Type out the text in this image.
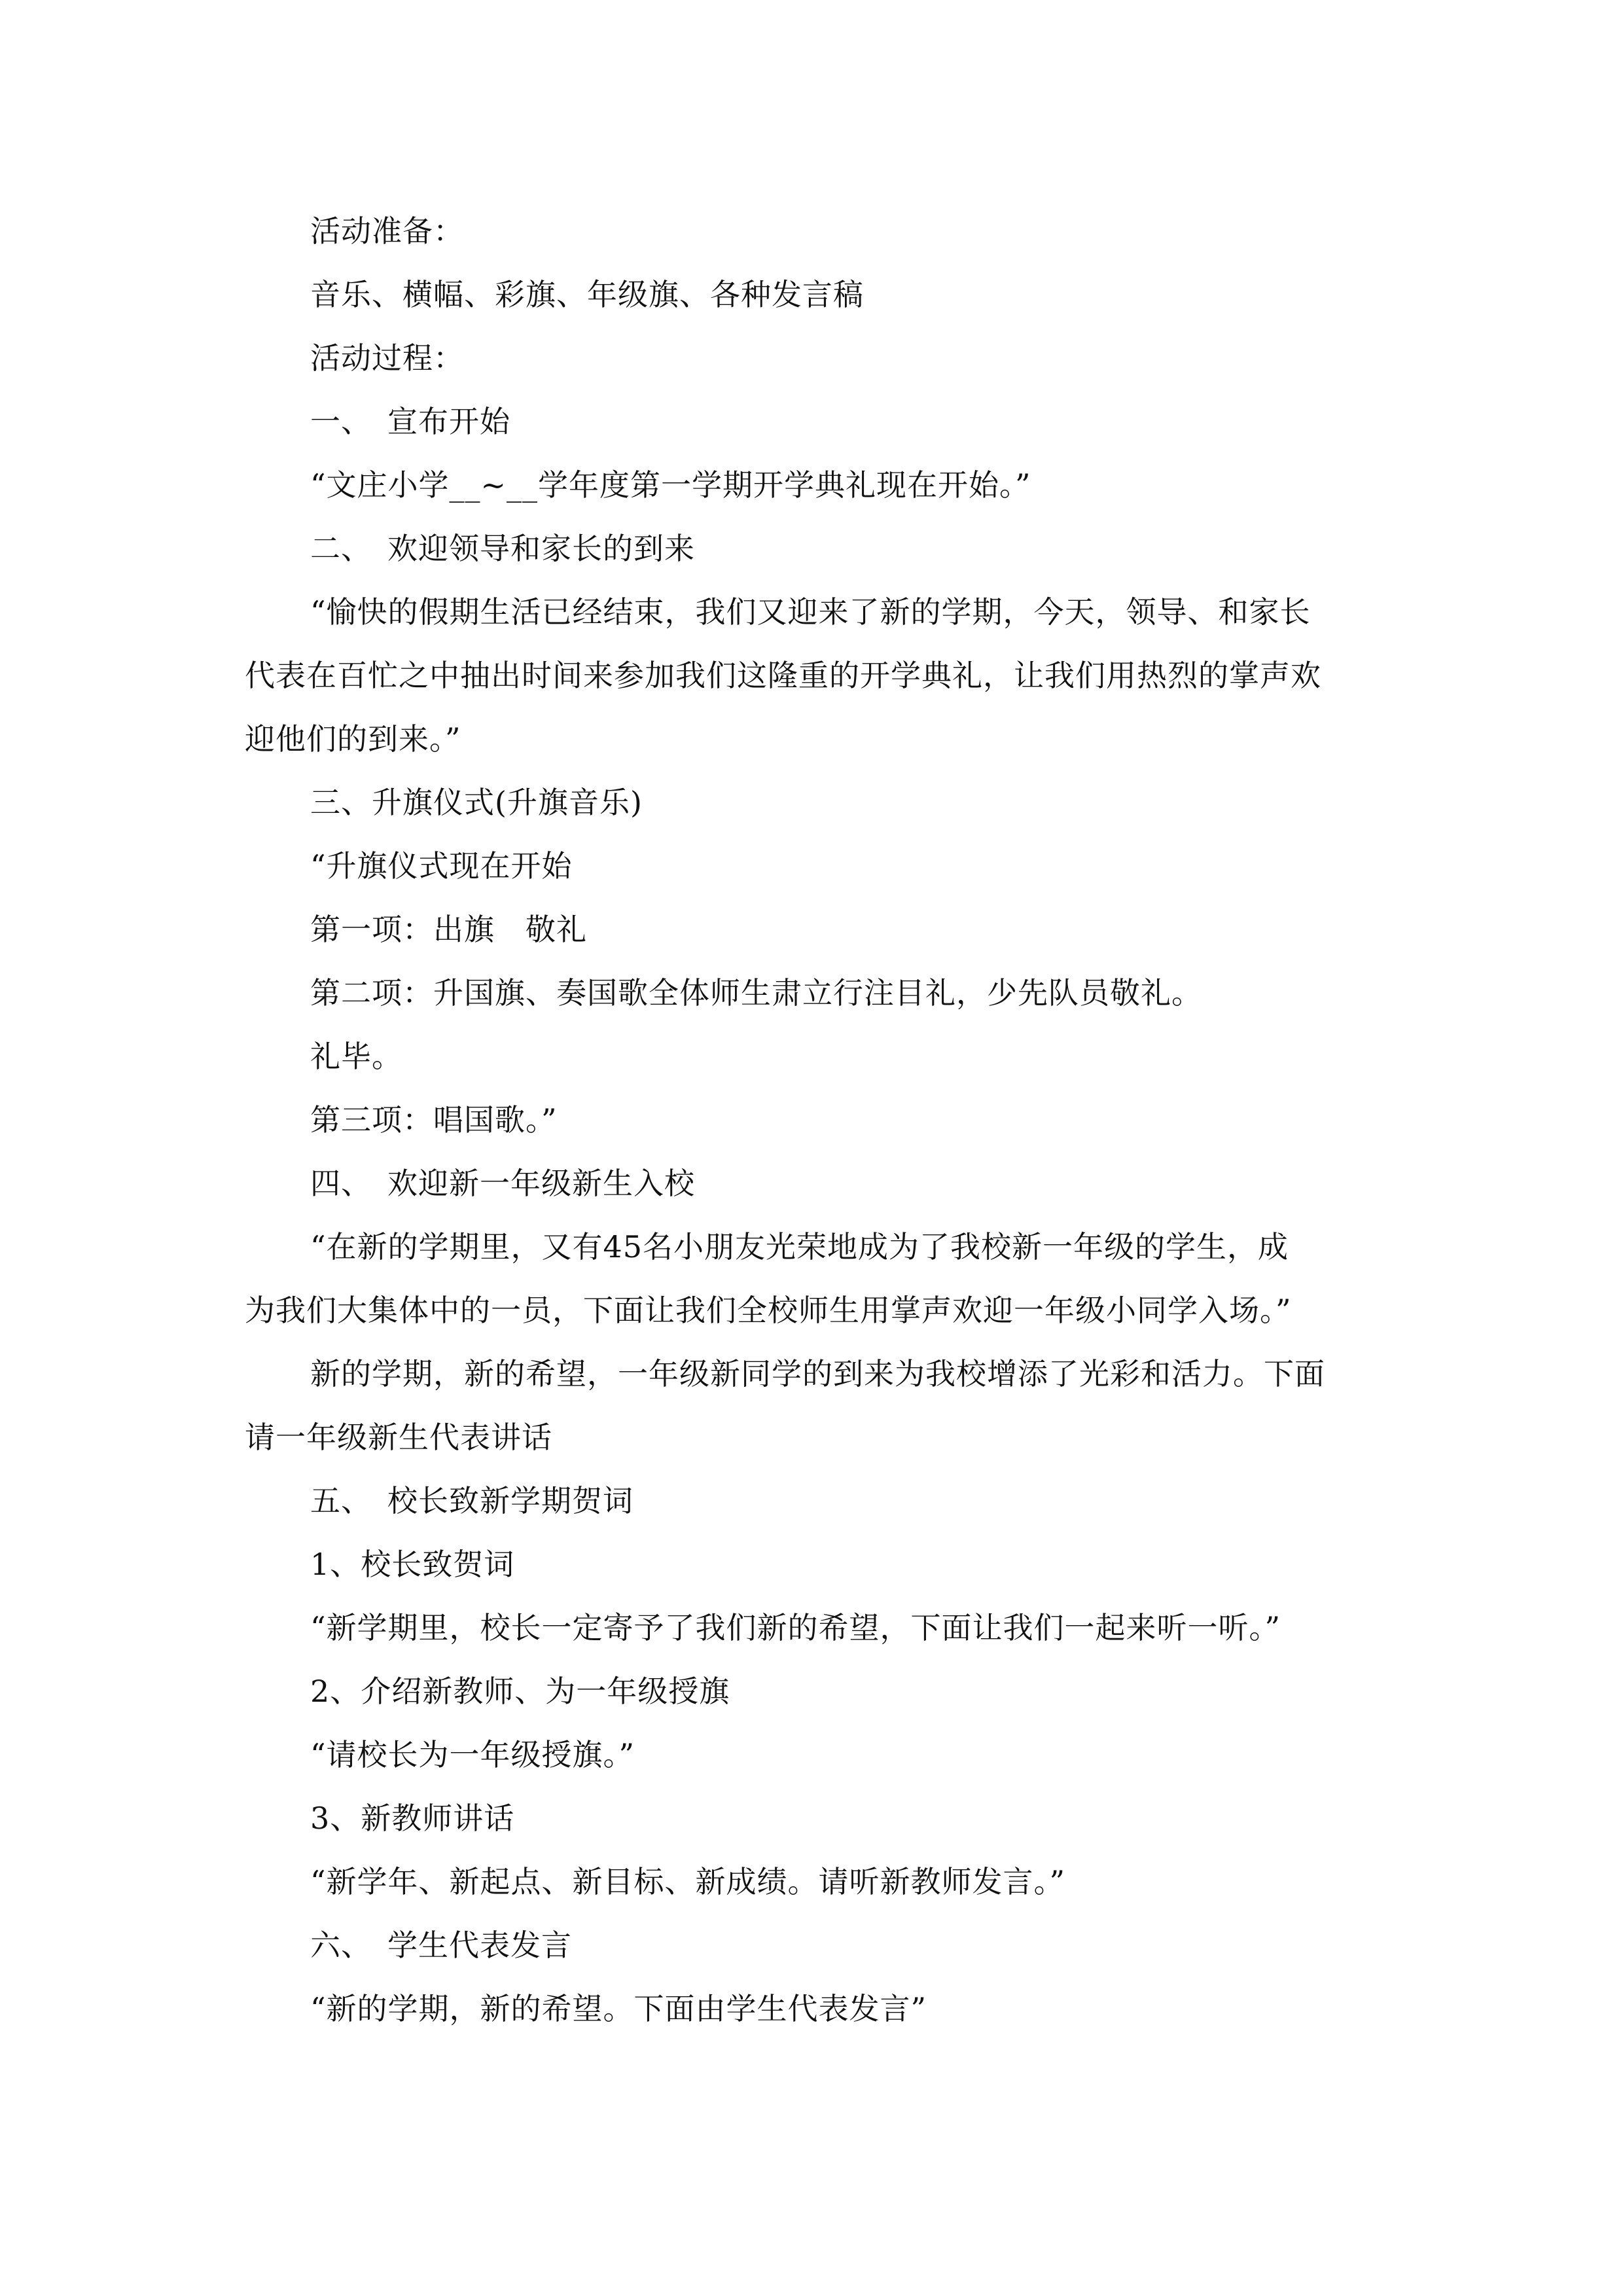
活动准备：
音乐、横幅、彩旗、年级旗、各种发言稿
活动过程：
一、　宣布开始
“文庄小学__~__学年度第一学期开学典礼现在开始。”
二、　欢迎领导和家长的到来
“愉快的假期生活已经结束，我们又迎来了新的学期，今天，领导、和家长
代表在百忙之中抽出时间来参加我们这隆重的开学典礼，让我们用热烈的掌声欢
迎他们的到来。”
三、升旗仪式(升旗音乐)
“升旗仪式现在开始
第一项：出旗　敬礼
第二项：升国旗、奏国歌全体师生肃立行注目礼，少先队员敬礼。
礼毕。
第三项：唱国歌。”
四、　欢迎新一年级新生入校
“在新的学期里，又有45名小朋友光荣地成为了我校新一年级的学生，成
为我们大集体中的一员，下面让我们全校师生用掌声欢迎一年级小同学入场。”
新的学期，新的希望，一年级新同学的到来为我校增添了光彩和活力。下面
请一年级新生代表讲话
五、　校长致新学期贺词
1、校长致贺词
“新学期里，校长一定寄予了我们新的希望，下面让我们一起来听一听。”
2、介绍新教师、为一年级授旗
“请校长为一年级授旗。”
3、新教师讲话
“新学年、新起点、新目标、新成绩。请听新教师发言。”
六、　学生代表发言
“新的学期，新的希望。下面由学生代表发言”
